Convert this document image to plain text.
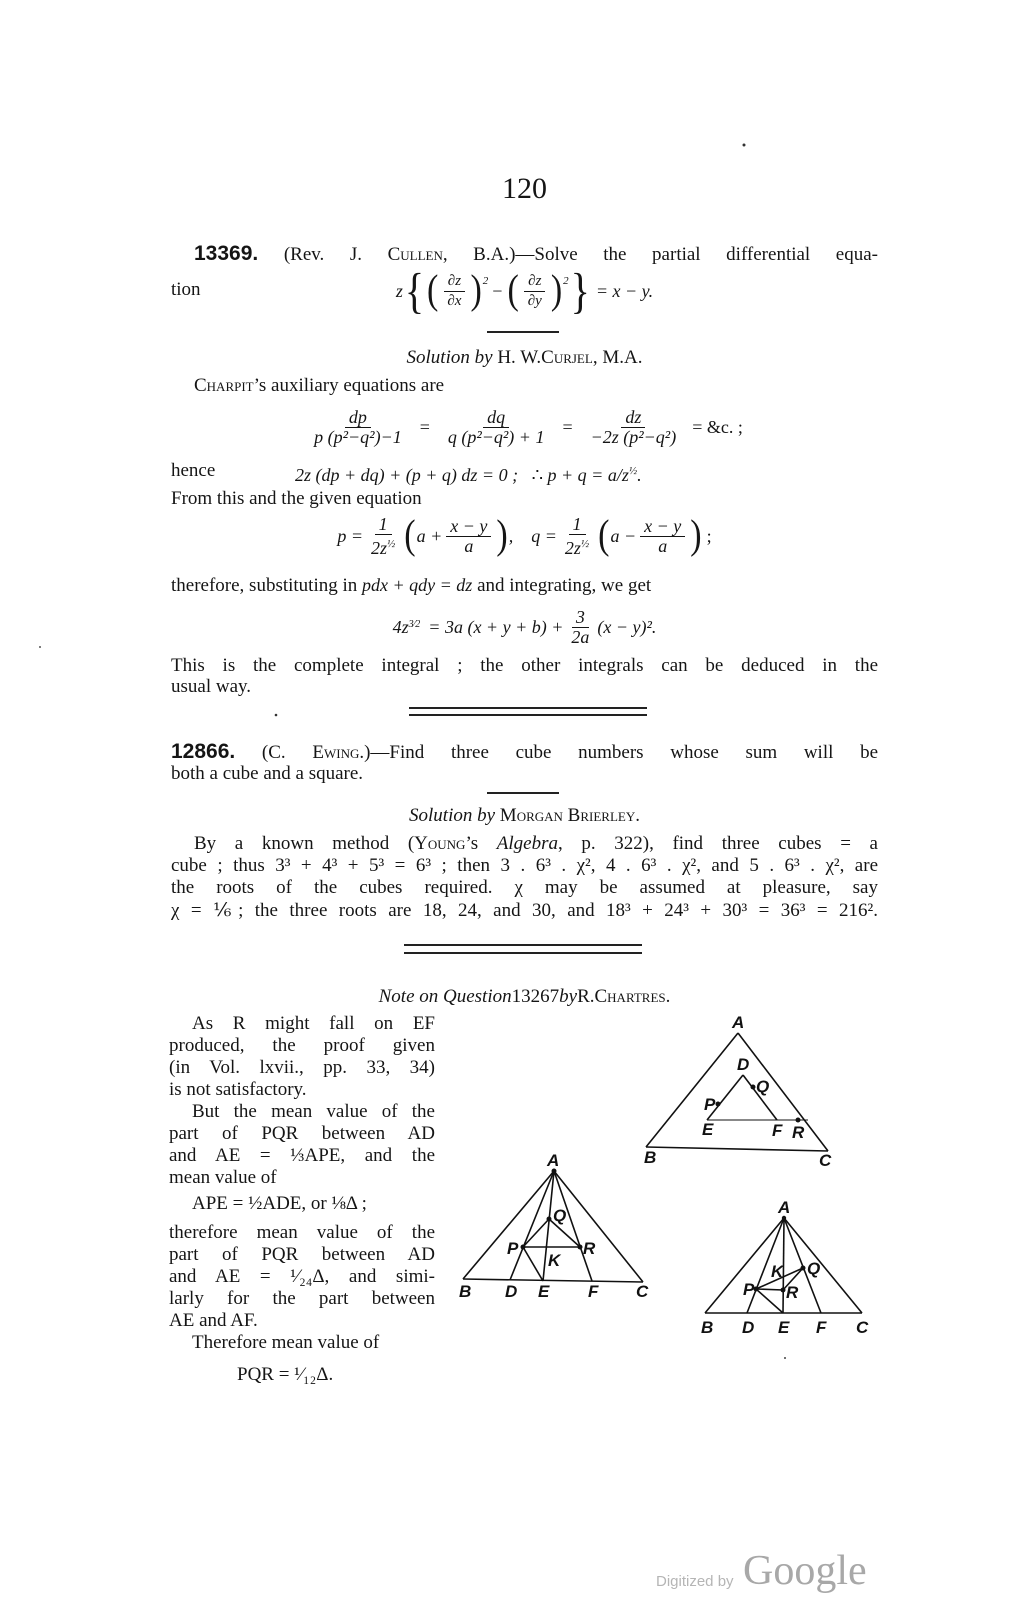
120
13369. (Rev. J. Cullen, B.A.)—Solve the partial differential equa-
tion	z { ( $\frac{\partial z}{\partial x} )^2$ − ( $\frac{\partial z}{\partial y} )^2$ } = x − y.
Solution by
H. W. Curjel , M.A.
Charpit’s auxiliary equations are
$\frac{dp}{\text{p (p²−q²)−1}} = \frac{dq}{\text{q (p²−q²) + 1}} = \frac{dz}{\text{−2z (p²−q²)}}$ = &c. ;
hence	2z (dp + dq) + (p + q) dz = 0 ; ∴ $p + q = a/z^{\frac{1}{2}}$.
From this and the given equation
$p = \frac{1}{2z^{\frac{1}{2}}}$ ( $a + \frac{x - y}{a}$ ) , $q = \frac{1}{2z^{\frac{1}{2}}}$ ( $a - \frac{x - y}{a}$ ) ;
therefore, substituting in pdx + qdy = dz and integrating, we get
4z 3⁄2 = 3a $(x + y + b) + \frac{3}{2a} (x - y)^2$.
This is the complete integral ; the other integrals can be deduced in the
usual way.
12866. (C. Ewing.)—Find three cube numbers whose sum will be
both a cube and a square.
Solution by
Morgan Brierley.
By a known method (Young’s Algebra, p. 322), find three cubes = a
cube ; thus 3³ + 4³ + 5³ = 6³ ; then 3 . 6³ . χ², 4 . 6³ . χ², and 5 . 6³ . χ², are
the roots of the cubes required. χ may be assumed at pleasure, say
χ = ⅙; the three roots are 18, 24, and 30, and 18³ + 24³ + 30³ = 36³ = 216².
Note on Question 13267 by R. Chartres.
As R might fall on EF
produced, the proof given
(in Vol. lxvii., pp. 33, 34)
is not satisfactory.
But the mean value of the
part of PQR between AD
and AE = ⅓APE, and the
mean value of
APE = ½ADE, or ⅛Δ ;
therefore mean value of the
part of PQR between AD
and AE = ¹⁄₂₄Δ, and simi-
larly for the part between
AE and AF.
Therefore mean value of
PQR = ¹⁄₁₂Δ.
A
D
Q
P
E	F R
B	C
A
Q
P	R
K
B D E F C
A
K Q
P R
B D E F C
Digitized by Google
